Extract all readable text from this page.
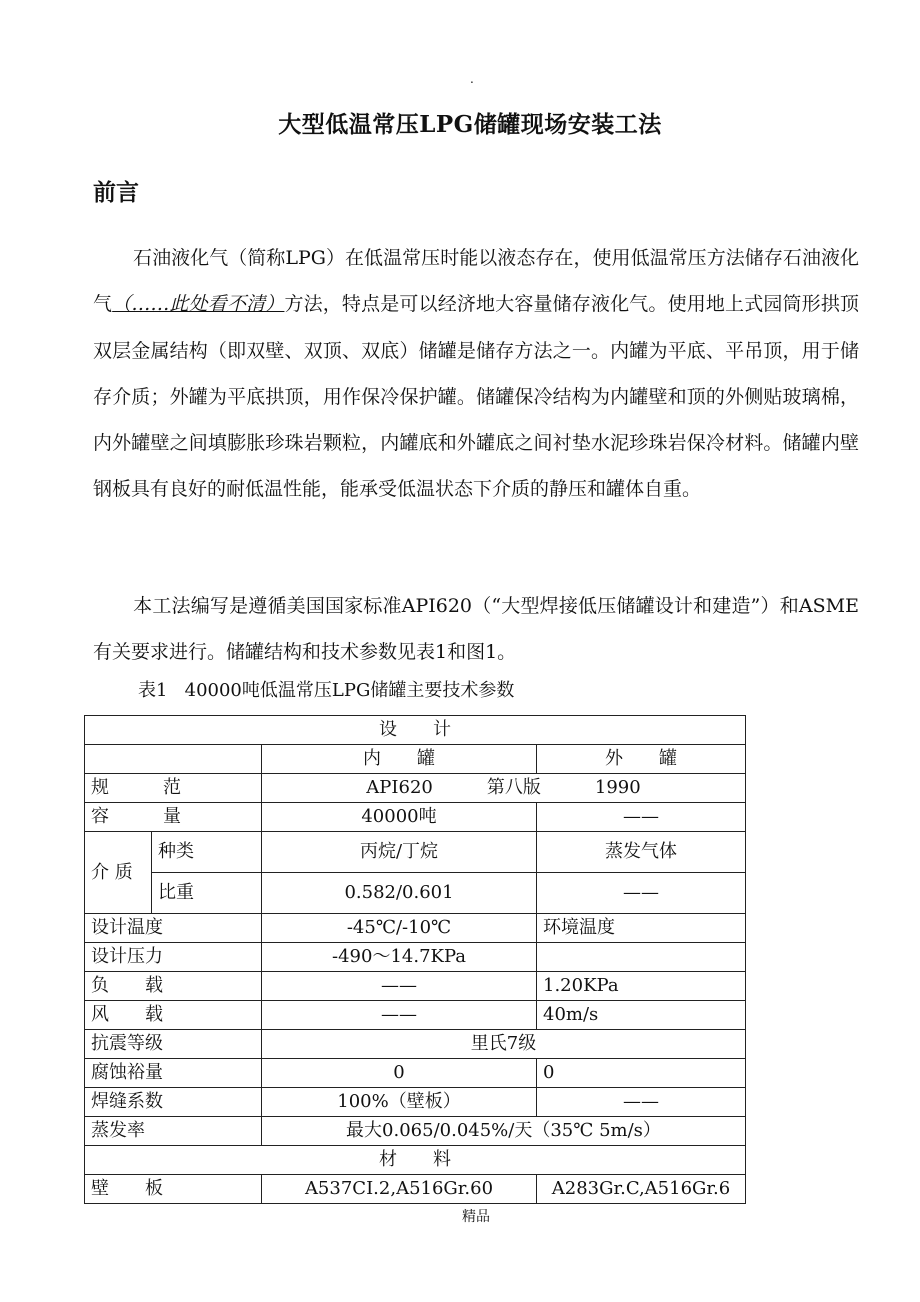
.
大型低温常压LPG储罐现场安装工法
前言

石油液化气（简称LPG）在低温常压时能以液态存在，使用低温常压方法储存石油液化气（……此处看不清）方法，特点是可以经济地大容量储存液化气。使用地上式园筒形拱顶双层金属结构（即双壁、双顶、双底）储罐是储存方法之一。内罐为平底、平吊顶，用于储存介质；外罐为平底拱顶，用作保冷保护罐。储罐保冷结构为内罐壁和顶的外侧贴玻璃棉，内外罐壁之间填膨胀珍珠岩颗粒，内罐底和外罐底之间衬垫水泥珍珠岩保冷材料。储罐内壁钢板具有良好的耐低温性能，能承受低温状态下介质的静压和罐体自重。

本工法编写是遵循美国国家标准API620（“大型焊接低压储罐设计和建造”）和ASME有关要求进行。储罐结构和技术参数见表1和图1。

表1   40000吨低温常压LPG储罐主要技术参数
设　　计			
		内　　罐	外　　罐
规　　　范		API620　　　第八版　　　1990	
容　　　量		40000吨	——
介 质	种类	丙烷/丁烷	蒸发气体
	比重	0.582/0.601	——
设计温度		-45℃/-10℃	环境温度
设计压力		-490～14.7KPa	
负　　载		——	1.20KPa
风　　载		——	40m/s
抗震等级		里氏7级	
腐蚀裕量		0	0
焊缝系数		100%（壁板）	——
蒸发率		最大0.065/0.045%/天（35℃ 5m/s）	
材　　料			
壁　　板		A537CI.2,A516Gr.60	A283Gr.C,A516Gr.6
精品
